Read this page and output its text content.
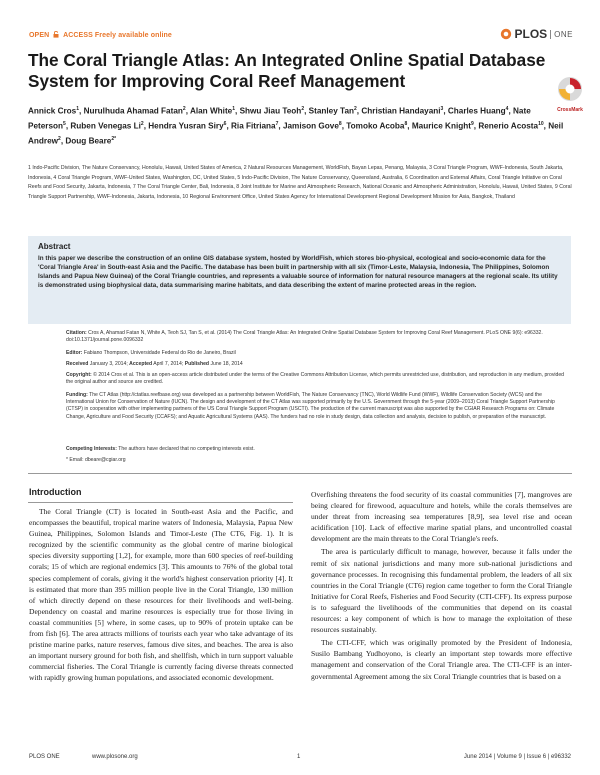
OPEN ACCESS Freely available online	PLOS ONE
The Coral Triangle Atlas: An Integrated Online Spatial Database System for Improving Coral Reef Management
CrossMark
Annick Cros$^1$, Nurulhuda Ahamad Fatan$^2$, Alan White$^1$, Shwu Jiau Teoh$^2$, Stanley Tan$^2$, Christian Handayani$^3$, Charles Huang$^4$, Nate Peterson$^5$, Ruben Venegas Li$^2$, Hendra Yusran Siry$^6$, Ria Fitriana$^7$, Jamison Gove$^8$, Tomoko Acoba$^8$, Maurice Knight$^9$, Renerio Acosta$^{10}$, Neil Andrew$^2$, Doug Beare$^{2*}$
1 Indo-Pacific Division, The Nature Conservancy, Honolulu, Hawaii, United States of America, 2 Natural Resources Management, WorldFish, Bayan Lepas, Penang, Malaysia, 3 Coral Triangle Program, WWF-Indonesia, South Jakarta, Indonesia, 4 Coral Triangle Program, WWF-United States, Washington, DC, United States, 5 Indo-Pacific Division, The Nature Conservancy, Queensland, Australia, 6 Coordination and External Affairs, Coral Triangle Initiative on Coral Reefs and Food Security, Jakarta, Indonesia, 7 The Coral Triangle Center, Bali, Indonesia, 8 Joint Institute for Marine and Atmospheric Research, National Oceanic and Atmospheric Administration, Honolulu, Hawaii, United States, 9 Coral Triangle Support Partnership, WWF-Indonesia, Jakarta, Indonesia, 10 Regional Environment Office, United States Agency for International Development Regional Development Mission for Asia, Bangkok, Thailand
Abstract
In this paper we describe the construction of an online GIS database system, hosted by WorldFish, which stores bio-physical, ecological and socio-economic data for the 'Coral Triangle Area' in South-east Asia and the Pacific. The database has been built in partnership with all six (Timor-Leste, Malaysia, Indonesia, The Philippines, Solomon Islands and Papua New Guinea) of the Coral Triangle countries, and represents a valuable source of information for natural resource managers at the regional scale. Its utility is demonstrated using biophysical data, data summarising marine habitats, and data describing the extent of marine protected areas in the region.
Citation: Cros A, Ahamad Fatan N, White A, Teoh SJ, Tan S, et al. (2014) The Coral Triangle Atlas: An Integrated Online Spatial Database System for Improving Coral Reef Management. PLoS ONE 9(6): e96332. doi:10.1371/journal.pone.0096332
Editor: Fabiano Thompson, Universidade Federal do Rio de Janeiro, Brazil
Received January 3, 2014; Accepted April 7, 2014; Published June 18, 2014
Copyright: © 2014 Cros et al. This is an open-access article distributed under the terms of the Creative Commons Attribution License, which permits unrestricted use, distribution, and reproduction in any medium, provided the original author and source are credited.
Funding: The CT Atlas (http://ctatlas.reefbase.org) was developed as a partnership between WorldFish, The Nature Conservancy (TNC), World Wildlife Fund (WWF), Wildlife Conservation Society (WCS) and the International Union for Conservation of Nature (IUCN). The design and development of the CT Atlas was supported primarily by the U.S. Government through the 5-year (2009–2013) Coral Triangle Support Partnership (CTSP) in cooperation with other implementing partners of the US Coral Triangle Support Program (USCTI). The production of the current manuscript was also supported by the CGIAR Research Programs on: Climate Change, Agriculture and Food Security (CCAFS); and Aquatic Agricultural Systems (AAS). The funders had no role in study design, data collection and analysis, decision to publish, or preparation of the manuscript.
Competing Interests: The authors have declared that no competing interests exist.
* Email: dbeare@cgiar.org
Introduction

The Coral Triangle (CT) is located in South-east Asia and the Pacific, and encompasses the beautiful, tropical marine waters of Indonesia, Malaysia, Papua New Guinea, Philippines, Solomon Islands and Timor-Leste (The CT6, Fig. 1). It is recognized by the scientific community as the global centre of marine biological species diversity supporting [1,2], for example, more than 600 species of reef-building corals; 15 of which are regional endemics [3]. This amounts to 76% of the global total species complement of corals, giving it the world's highest conservation priority [4]. It is estimated that more than 395 million people live in the Coral Triangle, 130 million of which directly depend on these resources for their livelihoods and well-being. Dependency on coastal and marine resources is especially true for those living in coastal communities [5] where, in some cases, up to 90% of protein uptake can be from fish [6]. The area attracts millions of tourists each year who take advantage of its pristine marine parks, nature reserves, famous dive sites, and beaches. The area is also an important nursery ground for both fish, and shellfish, which in turn support valuable commercial fisheries. The Coral Triangle is currently facing diverse threats connected with rapidly growing human populations, and associated economic development.

Overfishing threatens the food security of its coastal communities [7], mangroves are being cleared for firewood, aquaculture and hotels, while the corals themselves are under threat from increasing sea temperatures [8,9], sea level rise and ocean acidification [10]. Lack of effective marine spatial plans, and uncontrolled coastal development are the main threats to the Coral Triangle's reefs.

The area is particularly difficult to manage, however, because it falls under the remit of six national jurisdictions and many more sub-national jurisdictions and governance processes. In recognising this fundamental problem, the leaders of all six countries in the Coral Triangle (CT6) region came together to form the Coral Triangle Initiative for Coral Reefs, Fisheries and Food Security (CTI-CFF). Its express purpose is to safeguard the livelihoods of the communities that depend on its coastal resources: a key component of which is how to manage the exploitation of these resources sustainably.

The CTI-CFF, which was originally promoted by the President of Indonesia, Susilo Bambang Yudhoyono, is clearly an important step towards more effective management and conservation of the Coral Triangle area. The CTI-CFF is an inter-governmental Agreement among the six Coral Triangle countries that is based on a

PLOS ONE	www.plosone.org	1	June 2014 | Volume 9 | Issue 6 | e96332
